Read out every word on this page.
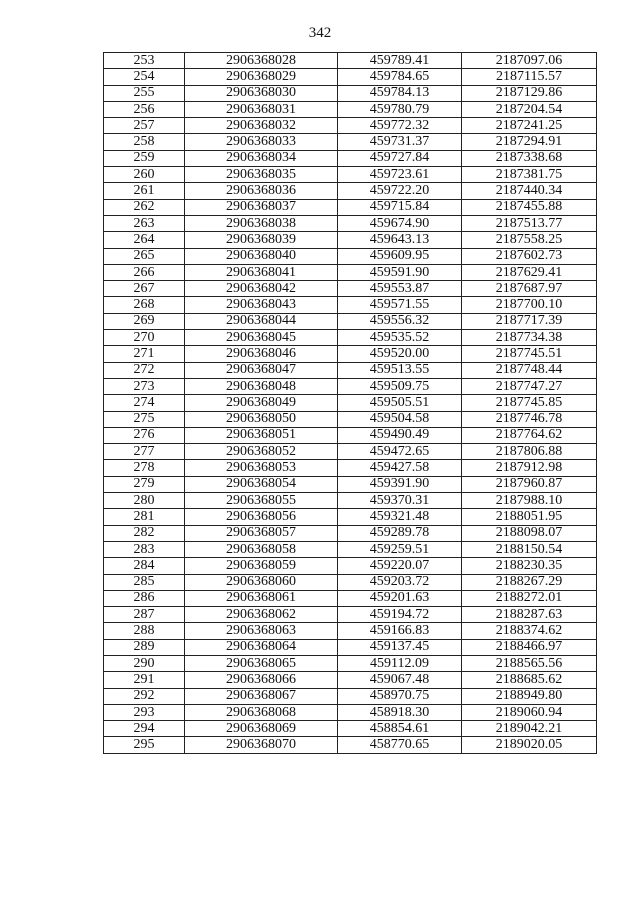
342
253	2906368028	459789.41	2187097.06
254	2906368029	459784.65	2187115.57
255	2906368030	459784.13	2187129.86
256	2906368031	459780.79	2187204.54
257	2906368032	459772.32	2187241.25
258	2906368033	459731.37	2187294.91
259	2906368034	459727.84	2187338.68
260	2906368035	459723.61	2187381.75
261	2906368036	459722.20	2187440.34
262	2906368037	459715.84	2187455.88
263	2906368038	459674.90	2187513.77
264	2906368039	459643.13	2187558.25
265	2906368040	459609.95	2187602.73
266	2906368041	459591.90	2187629.41
267	2906368042	459553.87	2187687.97
268	2906368043	459571.55	2187700.10
269	2906368044	459556.32	2187717.39
270	2906368045	459535.52	2187734.38
271	2906368046	459520.00	2187745.51
272	2906368047	459513.55	2187748.44
273	2906368048	459509.75	2187747.27
274	2906368049	459505.51	2187745.85
275	2906368050	459504.58	2187746.78
276	2906368051	459490.49	2187764.62
277	2906368052	459472.65	2187806.88
278	2906368053	459427.58	2187912.98
279	2906368054	459391.90	2187960.87
280	2906368055	459370.31	2187988.10
281	2906368056	459321.48	2188051.95
282	2906368057	459289.78	2188098.07
283	2906368058	459259.51	2188150.54
284	2906368059	459220.07	2188230.35
285	2906368060	459203.72	2188267.29
286	2906368061	459201.63	2188272.01
287	2906368062	459194.72	2188287.63
288	2906368063	459166.83	2188374.62
289	2906368064	459137.45	2188466.97
290	2906368065	459112.09	2188565.56
291	2906368066	459067.48	2188685.62
292	2906368067	458970.75	2188949.80
293	2906368068	458918.30	2189060.94
294	2906368069	458854.61	2189042.21
295	2906368070	458770.65	2189020.05
